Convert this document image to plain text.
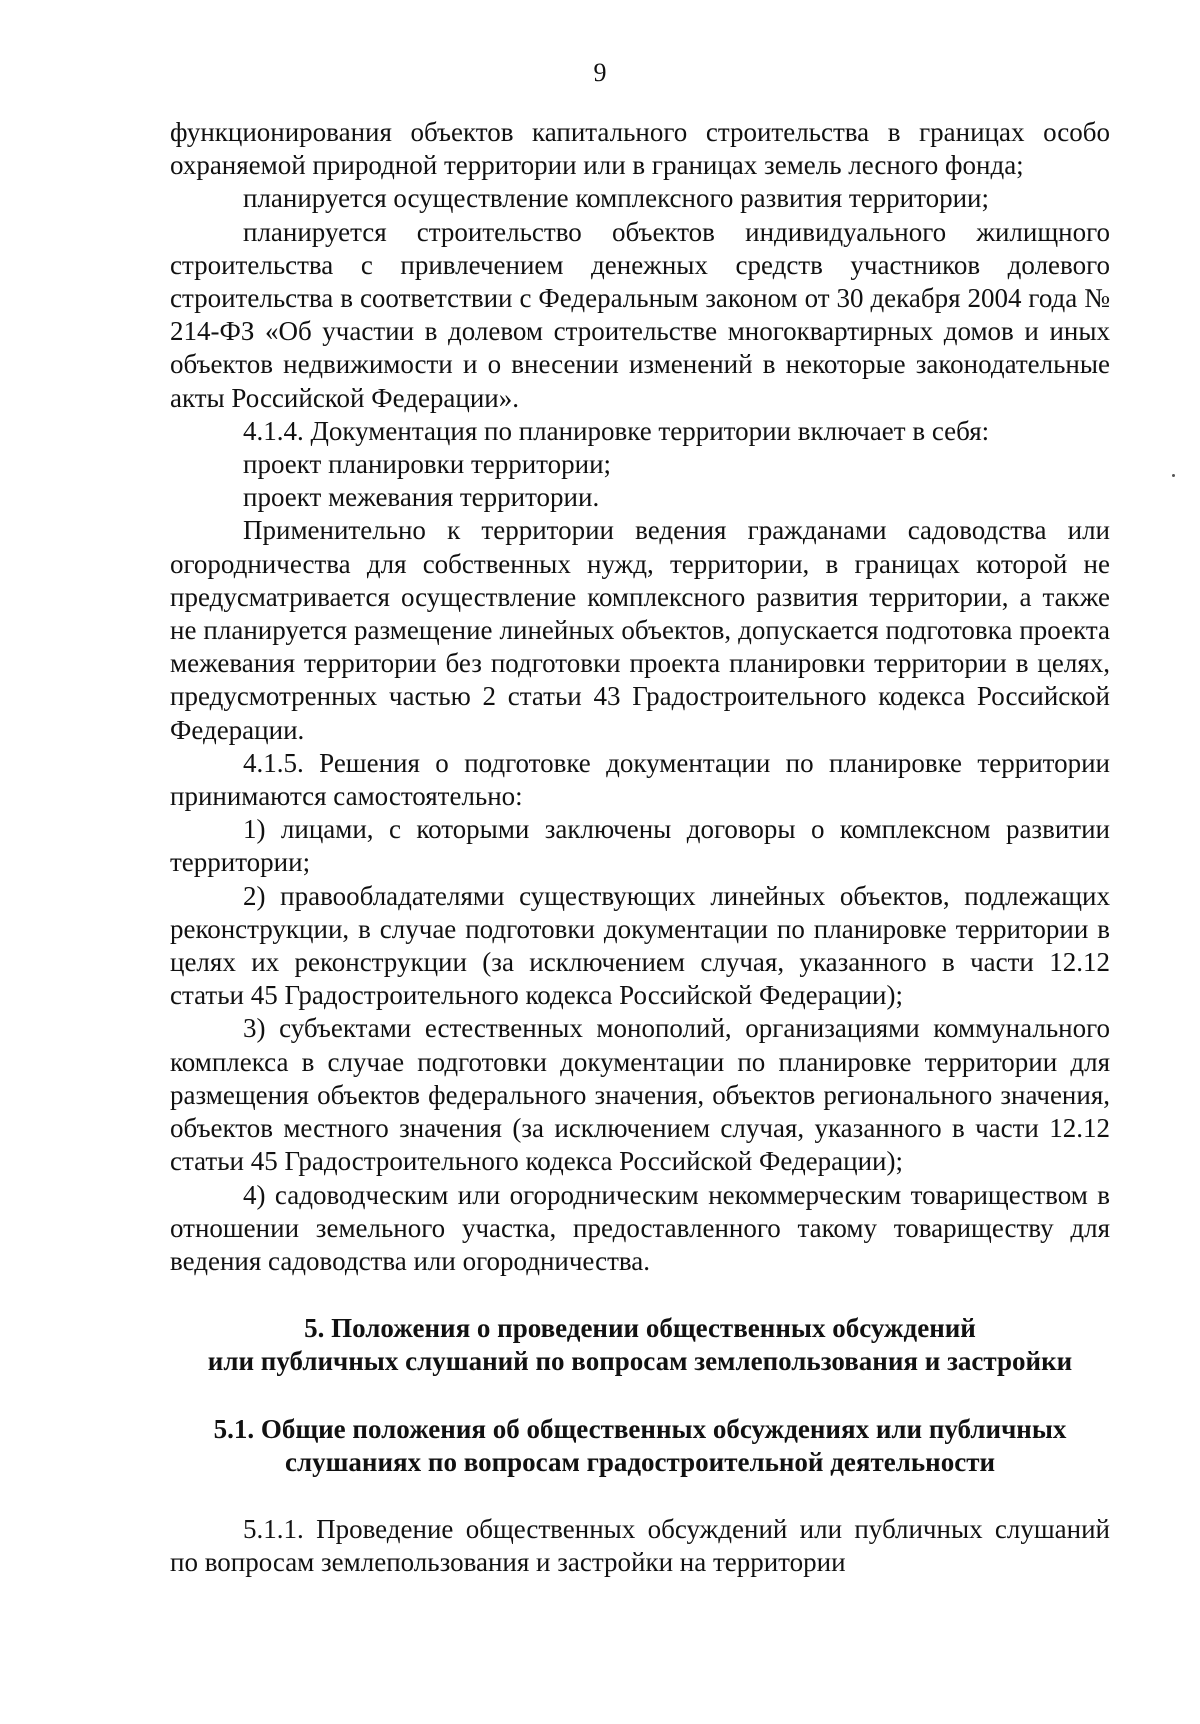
9

функционирования объектов капитального строительства в границах особо охраняемой природной территории или в границах земель лесного фонда;

планируется осуществление комплексного развития территории;

планируется строительство объектов индивидуального жилищного строительства с привлечением денежных средств участников долевого строительства в соответствии с Федеральным законом от 30 декабря 2004 года № 214-ФЗ «Об участии в долевом строительстве многоквартирных домов и иных объектов недвижимости и о внесении изменений в некоторые законодательные акты Российской Федерации».

4.1.4. Документация по планировке территории включает в себя:

проект планировки территории;

проект межевания территории.

Применительно к территории ведения гражданами садоводства или огородничества для собственных нужд, территории, в границах которой не предусматривается осуществление комплексного развития территории, а также не планируется размещение линейных объектов, допускается подготовка проекта межевания территории без подготовки проекта планировки территории в целях, предусмотренных частью 2 статьи 43 Градостроительного кодекса Российской Федерации.

4.1.5. Решения о подготовке документации по планировке территории принимаются самостоятельно:

1) лицами, с которыми заключены договоры о комплексном развитии территории;

2) правообладателями существующих линейных объектов, подлежащих реконструкции, в случае подготовки документации по планировке территории в целях их реконструкции (за исключением случая, указанного в части 12.12 статьи 45 Градостроительного кодекса Российской Федерации);

3) субъектами естественных монополий, организациями коммунального комплекса в случае подготовки документации по планировке территории для размещения объектов федерального значения, объектов регионального значения, объектов местного значения (за исключением случая, указанного в части 12.12 статьи 45 Градостроительного кодекса Российской Федерации);

4) садоводческим или огородническим некоммерческим товариществом в отношении земельного участка, предоставленного такому товариществу для ведения садоводства или огородничества.

5. Положения о проведении общественных обсуждений
или публичных слушаний по вопросам землепользования и застройки
5.1. Общие положения об общественных обсуждениях или публичных
слушаниях по вопросам градостроительной деятельности

5.1.1. Проведение общественных обсуждений или публичных слушаний по вопросам землепользования и застройки на территории
